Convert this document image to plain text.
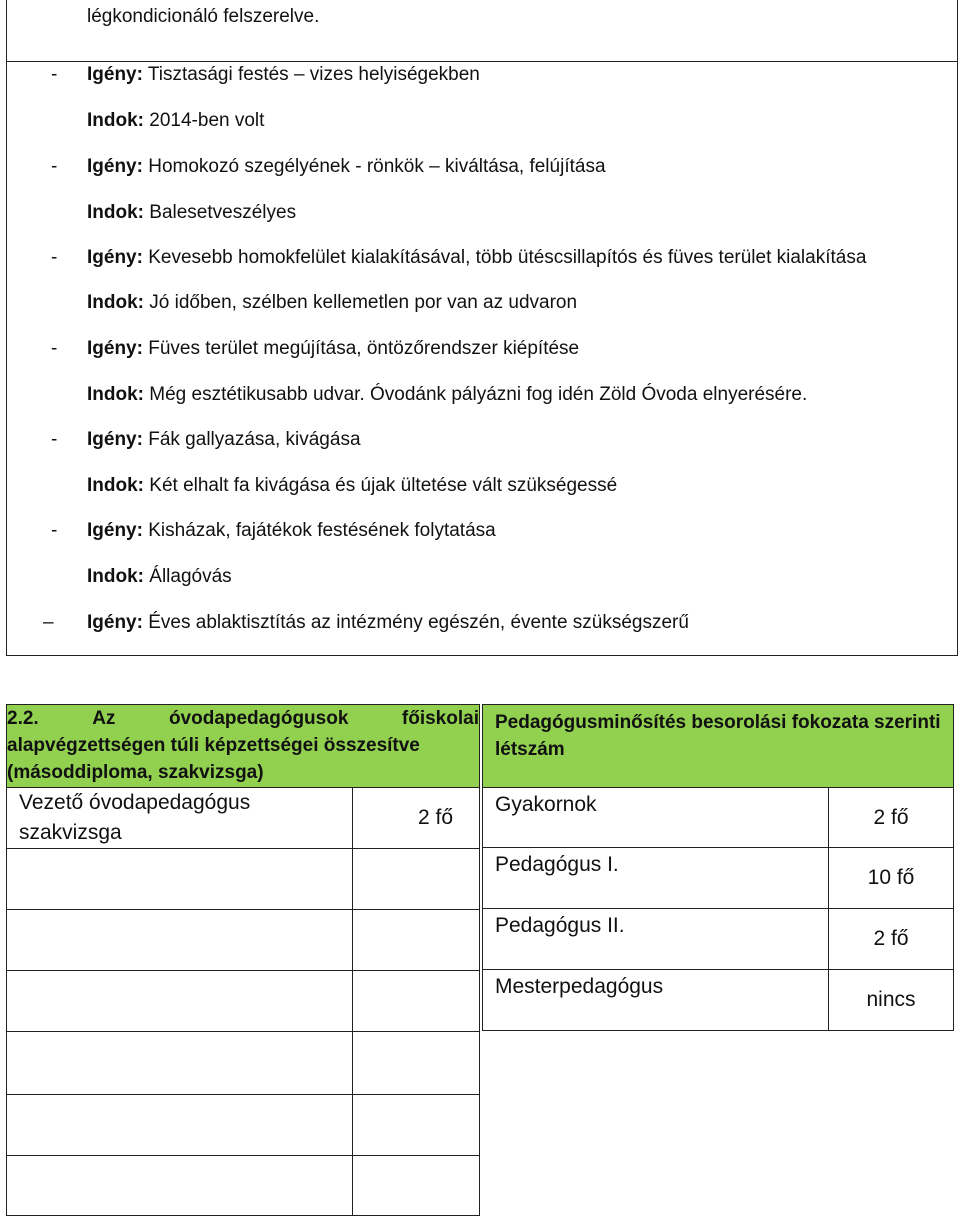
légkondicionáló felszerelve.
- Igény: Tisztasági festés – vizes helyiségekben
Indok: 2014-ben volt
- Igény: Homokozó szegélyének - rönkök – kiváltása, felújítása
Indok: Balesetveszélyes
- Igény: Kevesebb homokfelület kialakításával, több ütéscsillapítós és füves terület kialakítása
Indok: Jó időben, szélben kellemetlen por van az udvaron
- Igény: Füves terület megújítása, öntözőrendszer kiépítése
Indok: Még esztétikusabb udvar. Óvodánk pályázni fog idén Zöld Óvoda elnyerésére.
- Igény: Fák gallyazása, kivágása
Indok: Két elhalt fa kivágása és újak ültetése vált szükségessé
- Igény: Kisházak, fajátékok festésének folytatása
Indok: Állagóvás
– Igény: Éves ablaktisztítás az intézmény egészén, évente szükségszerű
2.2. Az óvodapedagógusok főiskolai
alapvégzettségen túli képzettségei összesítve (másoddiploma, szakvizsga)	

Vezető óvodapedagógus szakvizsga	2 fő

Pedagógusminősítés besorolási fokozata szerinti létszám	
Gyakornok	2 fő
Pedagógus I.	10 fő
Pedagógus II.	2 fő
Mesterpedagógus	nincs
